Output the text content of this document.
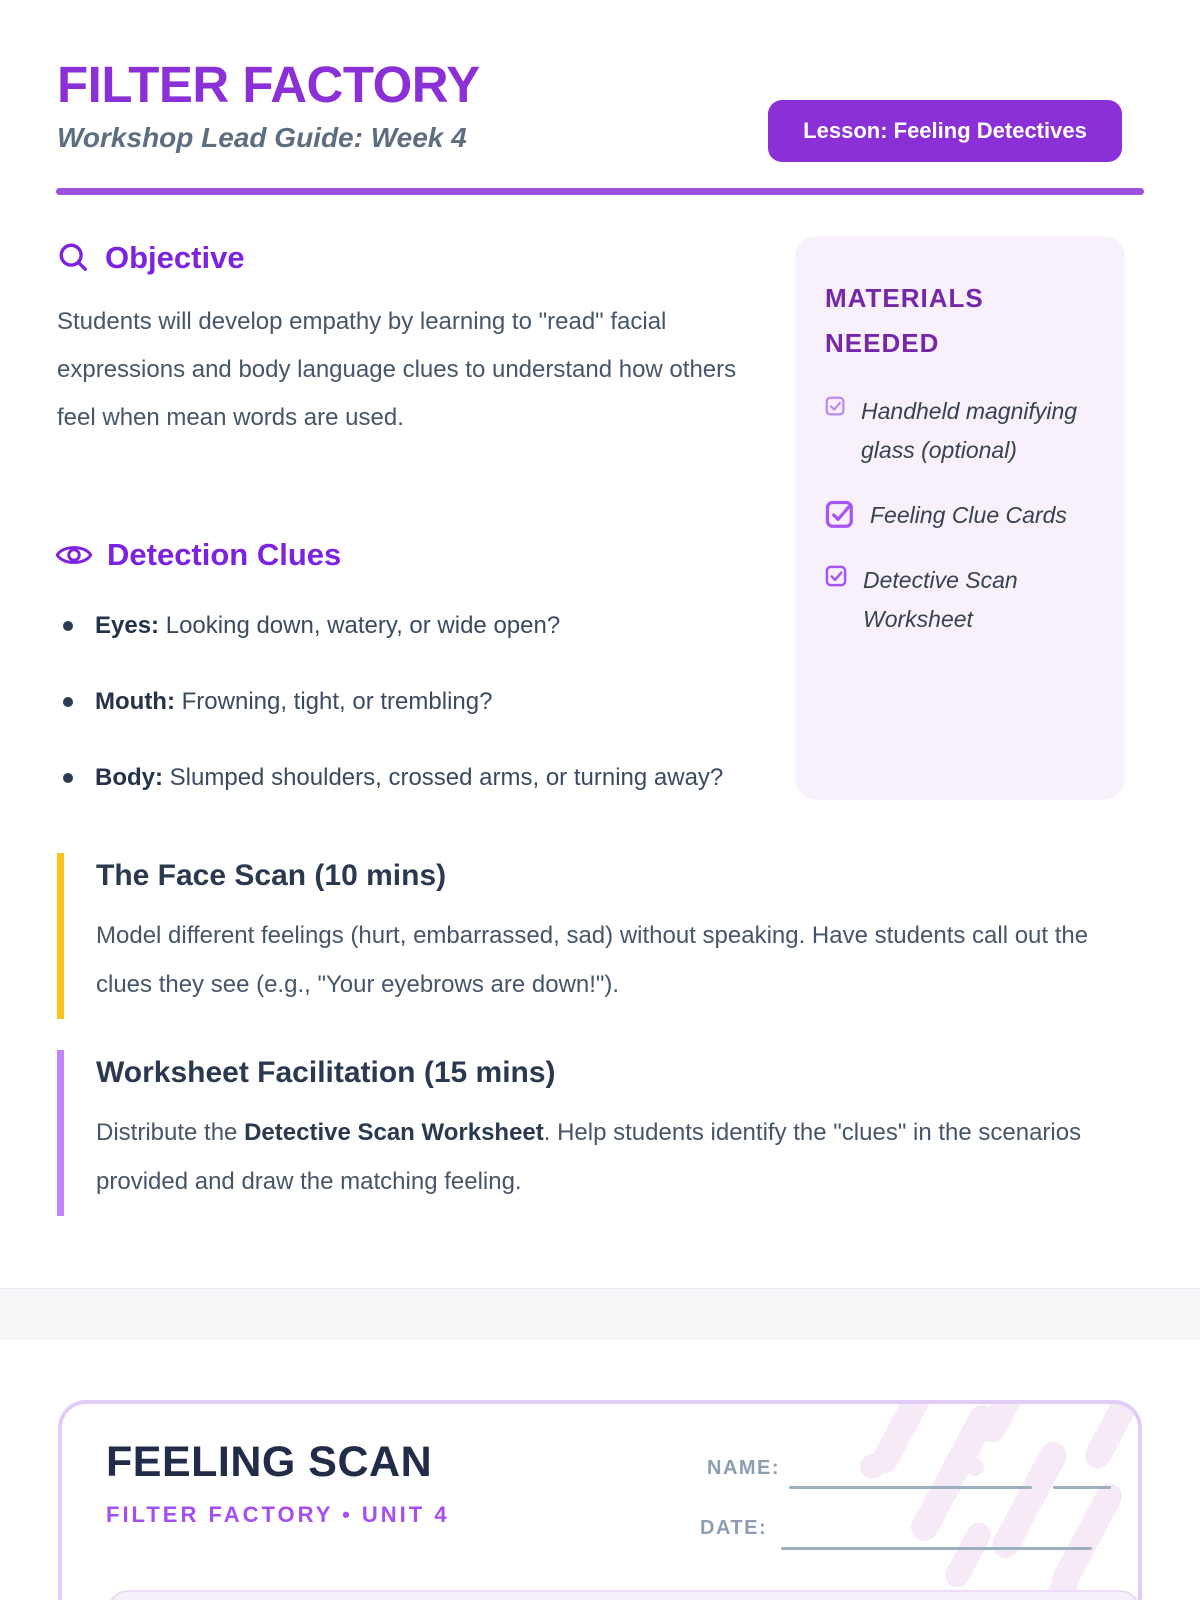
FILTER FACTORY
Workshop Lead Guide: Week 4	Lesson: Feeling Detectives
Objective

Students will develop empathy by learning to "read" facial expressions and body language clues to understand how others feel when mean words are used.

MATERIALS NEEDED
Handheld magnifying glass (optional)
Feeling Clue Cards
Detective Scan Worksheet
Detection Clues
Eyes: Looking down, watery, or wide open?
Mouth: Frowning, tight, or trembling?
Body: Slumped shoulders, crossed arms, or turning away?
The Face Scan (10 mins)

Model different feelings (hurt, embarrassed, sad) without speaking. Have students call out the clues they see (e.g., "Your eyebrows are down!").

Worksheet Facilitation (15 mins)

Distribute the Detective Scan Worksheet. Help students identify the "clues" in the scenarios provided and draw the matching feeling.

FEELING SCAN
FILTER FACTORY • UNIT 4
NAME:
DATE:
